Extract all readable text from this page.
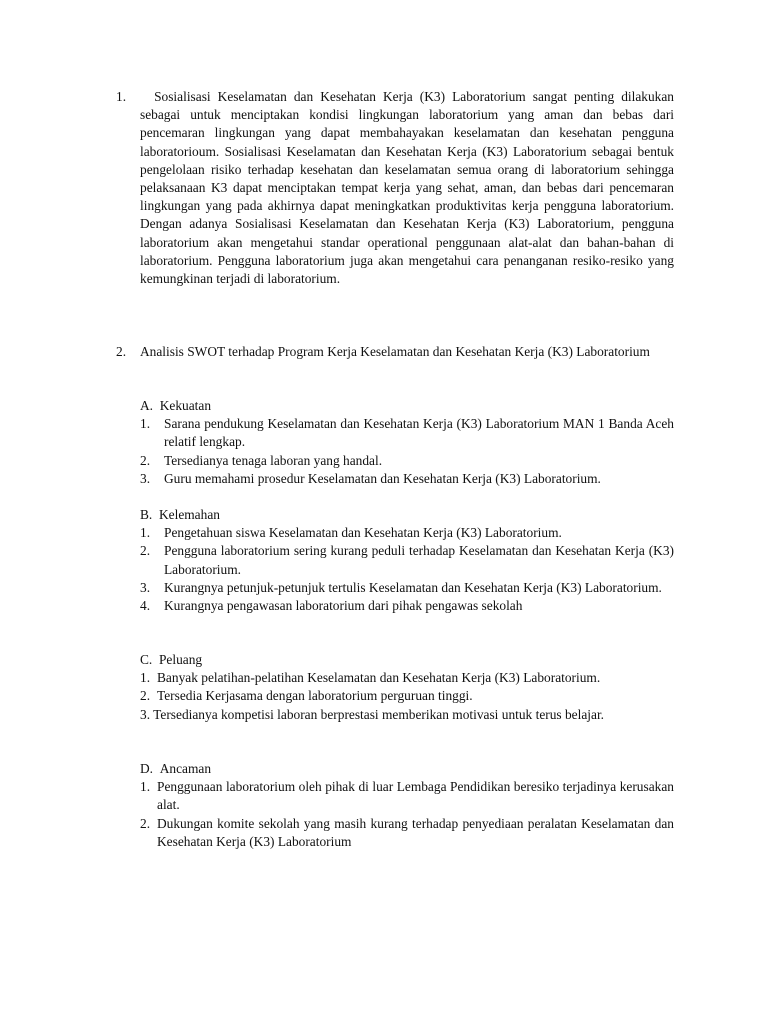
1.	Sosialisasi Keselamatan dan Kesehatan Kerja (K3) Laboratorium sangat penting dilakukan sebagai untuk menciptakan kondisi lingkungan laboratorium yang aman dan bebas dari pencemaran lingkungan yang dapat membahayakan keselamatan dan kesehatan pengguna laboratorioum. Sosialisasi Keselamatan dan Kesehatan Kerja (K3) Laboratorium sebagai bentuk pengelolaan risiko terhadap kesehatan dan keselamatan semua orang di laboratorium sehingga pelaksanaan K3 dapat menciptakan tempat kerja yang sehat, aman, dan bebas dari pencemaran lingkungan yang pada akhirnya dapat meningkatkan produktivitas kerja pengguna laboratorium. Dengan adanya Sosialisasi Keselamatan dan Kesehatan Kerja (K3) Laboratorium, pengguna laboratorium akan mengetahui standar operational penggunaan alat-alat dan bahan-bahan di laboratorium. Pengguna laboratorium juga akan mengetahui cara penanganan resiko-resiko yang kemungkinan terjadi di laboratorium.
2. Analisis SWOT terhadap Program Kerja Keselamatan dan Kesehatan Kerja (K3) Laboratorium
A. Kekuatan
1. Sarana pendukung Keselamatan dan Kesehatan Kerja (K3) Laboratorium MAN 1 Banda Aceh relatif lengkap.
2. Tersedianya tenaga laboran yang handal.
3. Guru memahami prosedur Keselamatan dan Kesehatan Kerja (K3) Laboratorium.
B. Kelemahan
1. Pengetahuan siswa Keselamatan dan Kesehatan Kerja (K3) Laboratorium.
2. Pengguna laboratorium sering kurang peduli terhadap Keselamatan dan Kesehatan Kerja (K3) Laboratorium.
3. Kurangnya petunjuk-petunjuk tertulis Keselamatan dan Kesehatan Kerja (K3) Laboratorium.
4. Kurangnya pengawasan laboratorium dari pihak pengawas sekolah
C. Peluang
1. Banyak pelatihan-pelatihan Keselamatan dan Kesehatan Kerja (K3) Laboratorium.
2. Tersedia Kerjasama dengan laboratorium perguruan tinggi.
3. Tersedianya kompetisi laboran berprestasi memberikan motivasi untuk terus belajar.
D. Ancaman
1. Penggunaan laboratorium oleh pihak di luar Lembaga Pendidikan beresiko terjadinya kerusakan alat.
2. Dukungan komite sekolah yang masih kurang terhadap penyediaan peralatan Keselamatan dan Kesehatan Kerja (K3) Laboratorium
